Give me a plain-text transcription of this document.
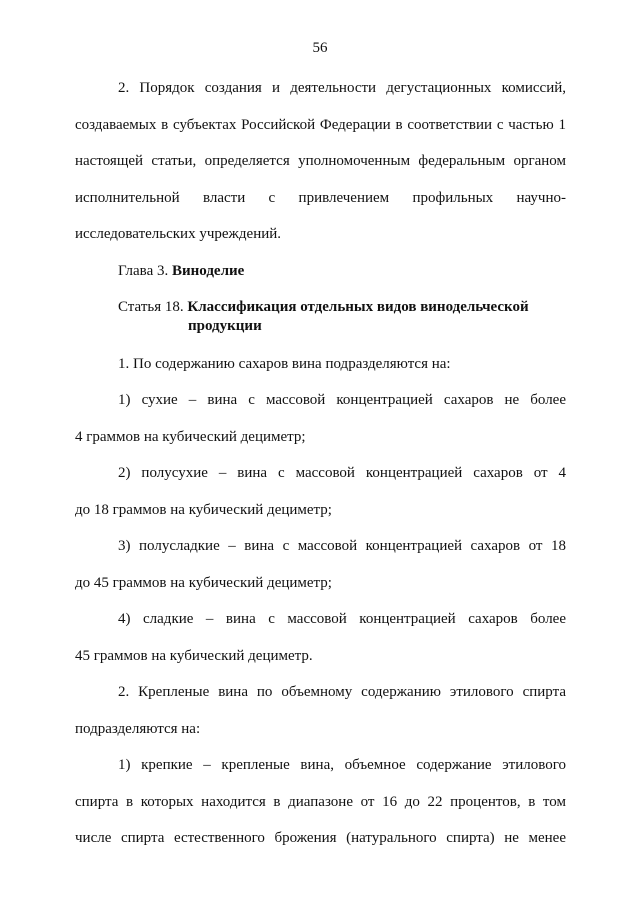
56

2. Порядок создания и деятельности дегустационных комиссий,
создаваемых в субъектах Российской Федерации в соответствии с частью 1
настоящей статьи, определяется уполномоченным федеральным органом
исполнительной власти с привлечением профильных научно-
исследовательских учреждений.

Глава 3. Виноделие

Статья 18. Классификация отдельных видов винодельческой
продукции

1. По содержанию сахаров вина подразделяются на:

1) сухие – вина с массовой концентрацией сахаров не более
4 граммов на кубический дециметр;

2) полусухие – вина с массовой концентрацией сахаров от 4
до 18 граммов на кубический дециметр;

3) полусладкие – вина с массовой концентрацией сахаров от 18
до 45 граммов на кубический дециметр;

4) сладкие – вина с массовой концентрацией сахаров более
45 граммов на кубический дециметр.

2. Крепленые вина по объемному содержанию этилового спирта
подразделяются на:

1) крепкие – крепленые вина, объемное содержание этилового
спирта в которых находится в диапазоне от 16 до 22 процентов, в том
числе спирта естественного брожения (натурального спирта) не менее
